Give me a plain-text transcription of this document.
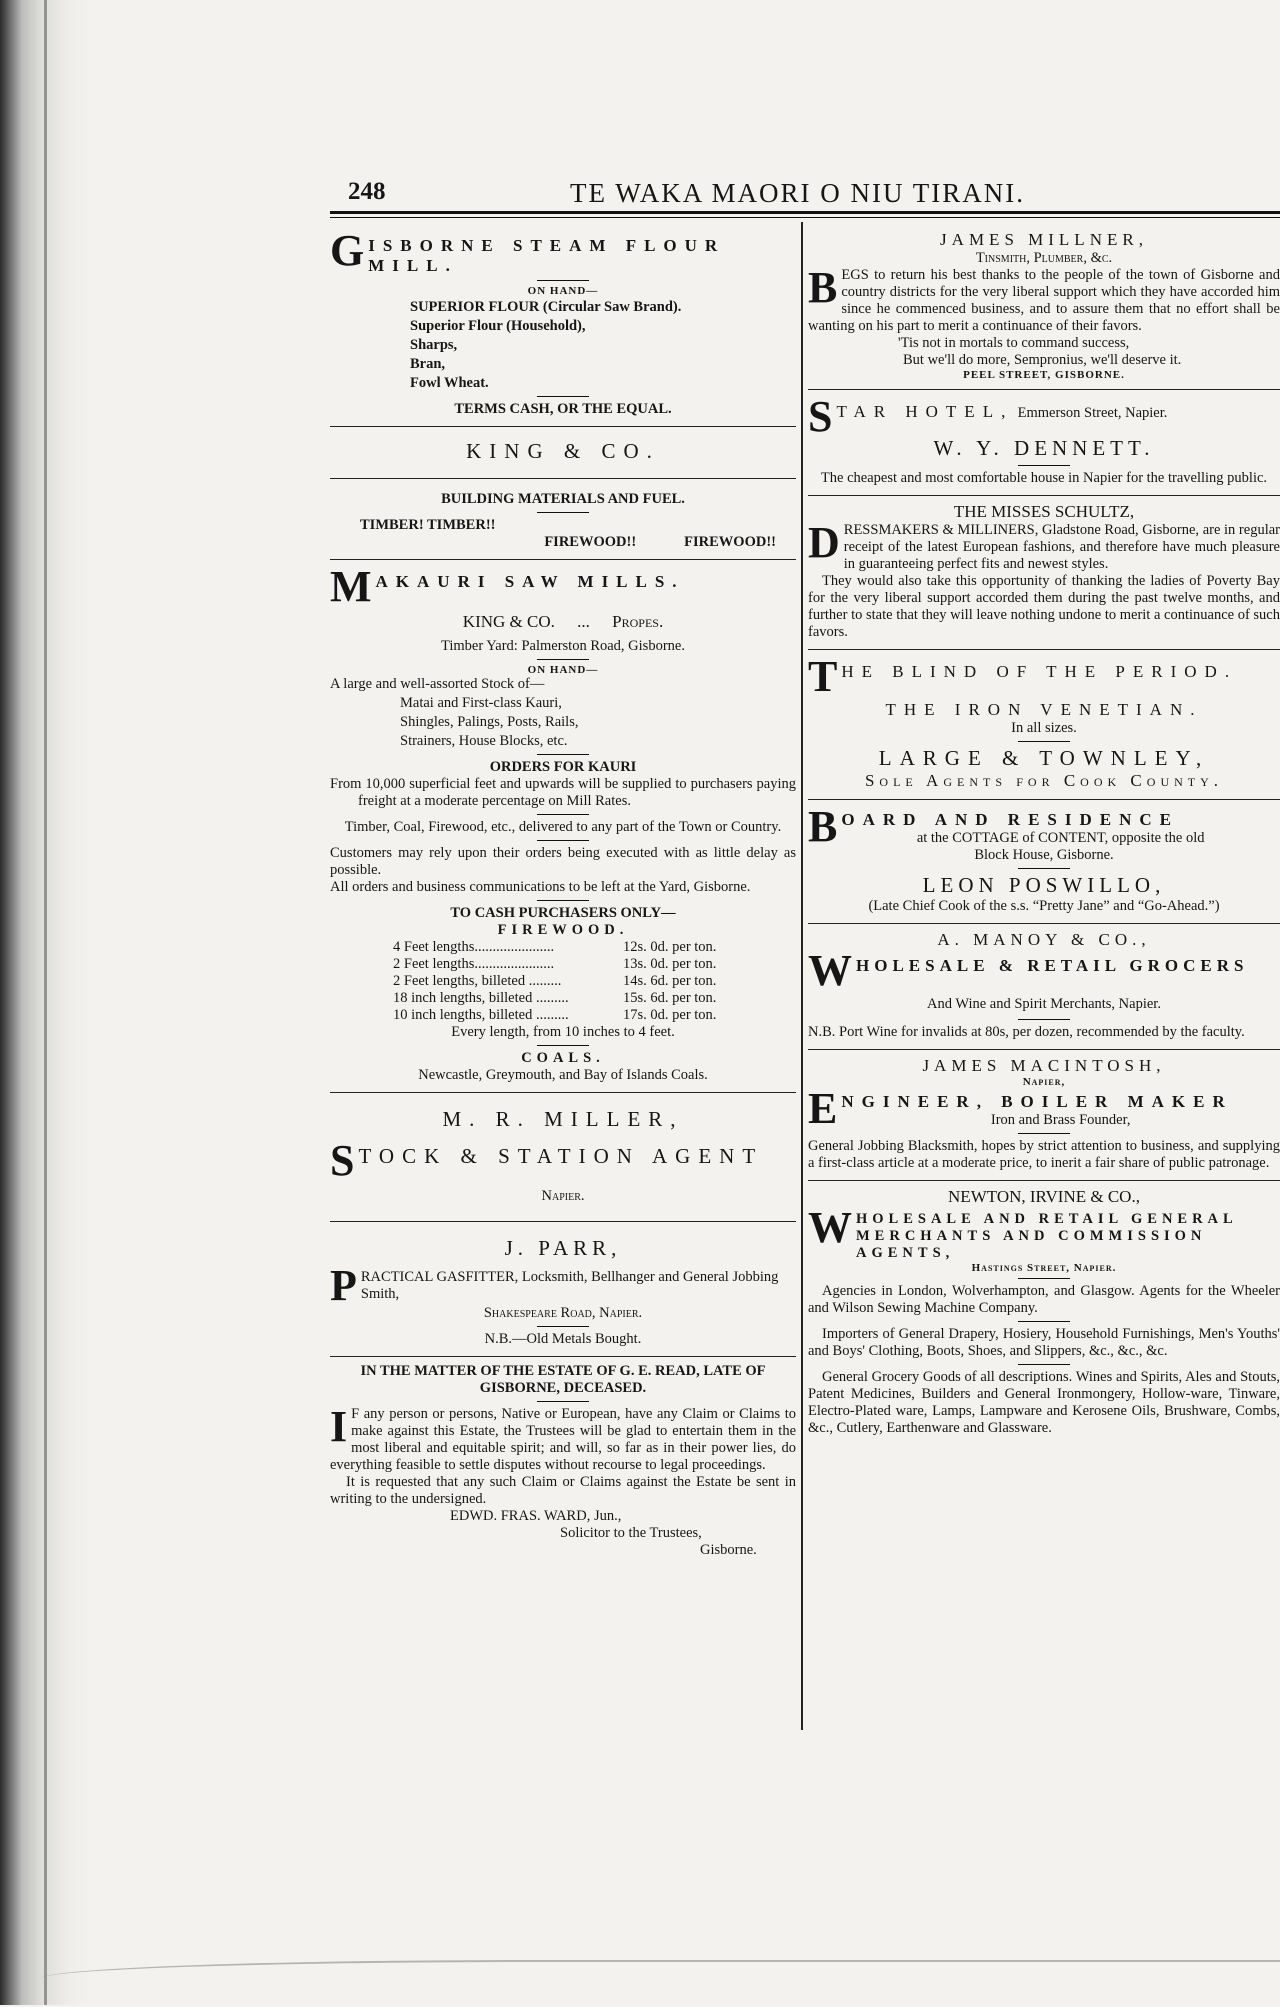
248	TE WAKA MAORI O NIU TIRANI.
G ISBORNE STEAM FLOUR MILL.
ON HAND—

SUPERIOR FLOUR (Circular Saw Brand).

Superior Flour (Household),

Sharps,

Bran,

Fowl Wheat.

TERMS CASH, OR THE EQUAL.
KING & CO.
BUILDING MATERIALS AND FUEL.
TIMBER! TIMBER!!
FIREWOOD!!	FIREWOOD!!
M AKAURI SAW MILLS.
KING & CO. ... Propes.
Timber Yard: Palmerston Road, Gisborne.
ON HAND—
A large and well-assorted Stock of—

Matai and First-class Kauri,

Shingles, Palings, Posts, Rails,

Strainers, House Blocks, etc.

ORDERS FOR KAURI
From 10,000 superficial feet and upwards will be supplied to purchasers paying freight at a moderate percentage on Mill Rates.
Timber, Coal, Firewood, etc., delivered to any part of the Town or Country.
Customers may rely upon their orders being executed with as little delay as possible.
All orders and business communications to be left at the Yard, Gisborne.
TO CASH PURCHASERS ONLY—
FIREWOOD.
4 Feet lengths......................	12s. 0d. per ton.
2 Feet lengths......................	13s. 0d. per ton.
2 Feet lengths, billeted .........	14s. 6d. per ton.
18 inch lengths, billeted .........	15s. 6d. per ton.
10 inch lengths, billeted .........	17s. 0d. per ton.
Every length, from 10 inches to 4 feet.
COALS.
Newcastle, Greymouth, and Bay of Islands Coals.
M. R. MILLER,
S TOCK & STATION AGENT
Napier.
J. PARR,
P RACTICAL GASFITTER, Locksmith, Bellhanger and General Jobbing Smith,
Shakespeare Road, Napier.
N.B.—Old Metals Bought.
IN THE MATTER OF THE ESTATE OF G. E. READ, LATE OF GISBORNE, DECEASED.
I F any person or persons, Native or European, have any Claim or Claims to make against this Estate, the Trustees will be glad to entertain them in the most liberal and equitable spirit; and will, so far as in their power lies, do everything feasible to settle disputes without recourse to legal proceedings.
It is requested that any such Claim or Claims against the Estate be sent in writing to the undersigned.
EDWD. FRAS. WARD, Jun.,
Solicitor to the Trustees,
Gisborne.
JAMES MILLNER,
Tinsmith, Plumber, &c.
B EGS to return his best thanks to the people of the town of Gisborne and country districts for the very liberal support which they have accorded him since he commenced business, and to assure them that no effort shall be wanting on his part to merit a continuance of their favors.
'Tis not in mortals to command success,
But we'll do more, Sempronius, we'll deserve it.
PEEL STREET, GISBORNE.
S TAR HOTEL, Emmerson Street, Napier.
W. Y. DENNETT.
The cheapest and most comfortable house in Napier for the travelling public.
THE MISSES SCHULTZ,
D RESSMAKERS & MILLINERS, Gladstone Road, Gisborne, are in regular receipt of the latest European fashions, and therefore have much pleasure in guaranteeing perfect fits and newest styles.
They would also take this opportunity of thanking the ladies of Poverty Bay for the very liberal support accorded them during the past twelve months, and further to state that they will leave nothing undone to merit a continuance of such favors.
T HE BLIND OF THE PERIOD.
THE IRON VENETIAN.
In all sizes.
LARGE & TOWNLEY,
Sole Agents for Cook County.
B OARD AND RESIDENCE
at the COTTAGE of CONTENT, opposite the old
Block House, Gisborne.
LEON POSWILLO,
(Late Chief Cook of the s.s. “Pretty Jane” and “Go-Ahead.”)
A. MANOY & CO.,
W HOLESALE & RETAIL GROCERS
And Wine and Spirit Merchants, Napier.
N.B. Port Wine for invalids at 80s, per dozen, recommended by the faculty.
JAMES MACINTOSH,
Napier,
E NGINEER, BOILER MAKER
Iron and Brass Founder,
General Jobbing Blacksmith, hopes by strict attention to business, and supplying a first-class article at a moderate price, to inerit a fair share of public patronage.
NEWTON, IRVINE & CO.,
W HOLESALE AND RETAIL GENERAL MERCHANTS AND COMMISSION AGENTS,
Hastings Street, Napier.
Agencies in London, Wolverhampton, and Glasgow. Agents for the Wheeler and Wilson Sewing Machine Company.
Importers of General Drapery, Hosiery, Household Furnishings, Men's Youths' and Boys' Clothing, Boots, Shoes, and Slippers, &c., &c., &c.
General Grocery Goods of all descriptions. Wines and Spirits, Ales and Stouts, Patent Medicines, Builders and General Ironmongery, Hollow-ware, Tinware, Electro-Plated ware, Lamps, Lampware and Kerosene Oils, Brushware, Combs, &c., Cutlery, Earthenware and Glassware.
